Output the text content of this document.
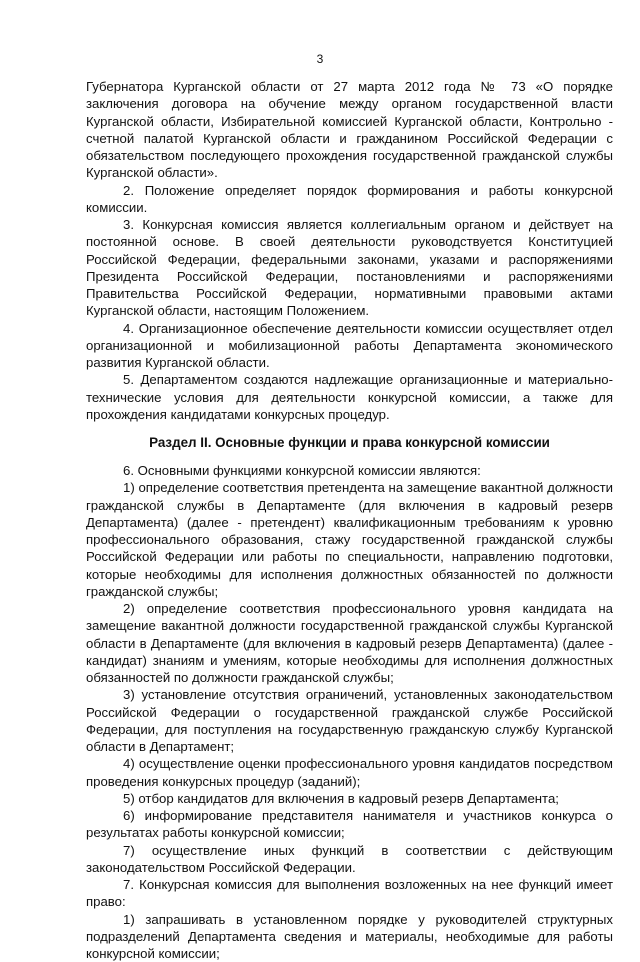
3

Губернатора Курганской области от 27 марта 2012 года № 73 «О порядке заключения договора на обучение между органом государственной власти Курганской области, Избирательной комиссией Курганской области, Контрольно - счетной палатой Курганской области и гражданином Российской Федерации с обязательством последующего прохождения государственной гражданской службы Курганской области».

2. Положение определяет порядок формирования и работы конкурсной комиссии.

3. Конкурсная комиссия является коллегиальным органом и действует на постоянной основе. В своей деятельности руководствуется Конституцией Российской Федерации, федеральными законами, указами и распоряжениями Президента Российской Федерации, постановлениями и распоряжениями Правительства Российской Федерации, нормативными правовыми актами Курганской области, настоящим Положением.

4. Организационное обеспечение деятельности комиссии осуществляет отдел организационной и мобилизационной работы Департамента экономического развития Курганской области.

5. Департаментом создаются надлежащие организационные и материально-технические условия для деятельности конкурсной комиссии, а также для прохождения кандидатами конкурсных процедур.

Раздел II. Основные функции и права конкурсной комиссии

6. Основными функциями конкурсной комиссии являются:

1) определение соответствия претендента на замещение вакантной должности гражданской службы в Департаменте (для включения в кадровый резерв Департамента) (далее - претендент) квалификационным требованиям к уровню профессионального образования, стажу государственной гражданской службы Российской Федерации или работы по специальности, направлению подготовки, которые необходимы для исполнения должностных обязанностей по должности гражданской службы;

2) определение соответствия профессионального уровня кандидата на замещение вакантной должности государственной гражданской службы Курганской области в Департаменте (для включения в кадровый резерв Департамента) (далее - кандидат) знаниям и умениям, которые необходимы для исполнения должностных обязанностей по должности гражданской службы;

3) установление отсутствия ограничений, установленных законодательством Российской Федерации о государственной гражданской службе Российской Федерации, для поступления на государственную гражданскую службу Курганской области в Департамент;

4) осуществление оценки профессионального уровня кандидатов посредством проведения конкурсных процедур (заданий);

5) отбор кандидатов для включения в кадровый резерв Департамента;

6) информирование представителя нанимателя и участников конкурса о результатах работы конкурсной комиссии;

7) осуществление иных функций в соответствии с действующим законодательством Российской Федерации.

7. Конкурсная комиссия для выполнения возложенных на нее функций имеет право:

1) запрашивать в установленном порядке у руководителей структурных подразделений Департамента сведения и материалы, необходимые для работы конкурсной комиссии;
